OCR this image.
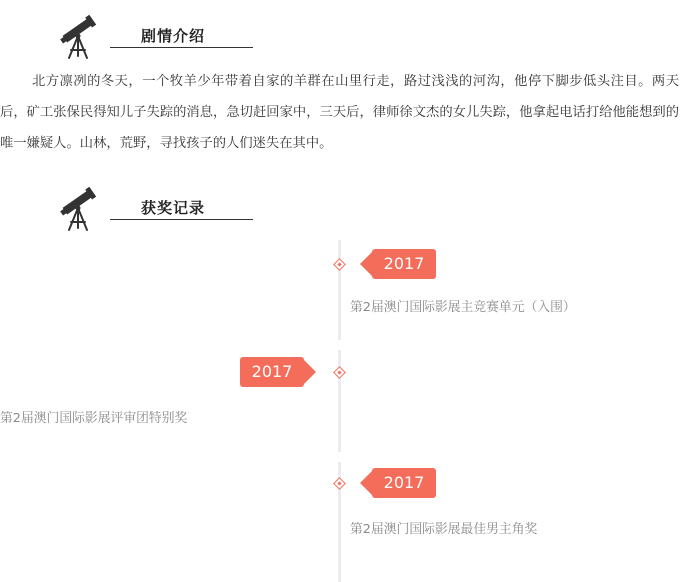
剧情介绍

北方凛冽的冬天，一个牧羊少年带着自家的羊群在山里行走，路过浅浅的河沟，他停下脚步低头注目。两天后，矿工张保民得知儿子失踪的消息，急切赶回家中，三天后，律师徐文杰的女儿失踪，他拿起电话打给他能想到的唯一嫌疑人。山林，荒野，寻找孩子的人们迷失在其中。

获奖记录
2017
第2届澳门国际影展主竞赛单元（入围）
2017
第2届澳门国际影展评审团特别奖
2017
第2届澳门国际影展最佳男主角奖
